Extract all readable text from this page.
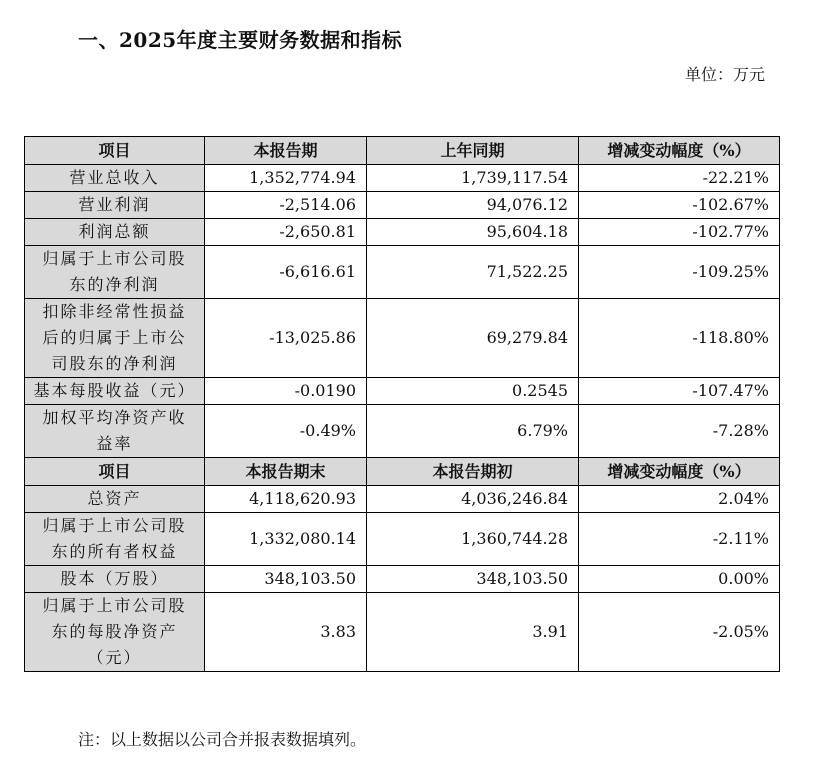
一、2025年度主要财务数据和指标
单位：万元
项目	本报告期	上年同期	增减变动幅度（%）

营业总收入	1,352,774.94	1,739,117.54	-22.21%

营业利润	-2,514.06	94,076.12	-102.67%

利润总额	-2,650.81	95,604.18	-102.77%

归属于上市公司股
东的净利润	-6,616.61	71,522.25	-109.25%

扣除非经常性损益
后的归属于上市公
司股东的净利润	-13,025.86	69,279.84	-118.80%

基本每股收益（元）	-0.0190	0.2545	-107.47%

加权平均净资产收
益率	-0.49%	6.79%	-7.28%
项目	本报告期末	本报告期初	增减变动幅度（%）

总资产	4,118,620.93	4,036,246.84	2.04%

归属于上市公司股
东的所有者权益	1,332,080.14	1,360,744.28	-2.11%

股本（万股）	348,103.50	348,103.50	0.00%

归属于上市公司股
东的每股净资产
（元）	3.83	3.91	-2.05%
注：以上数据以公司合并报表数据填列。
